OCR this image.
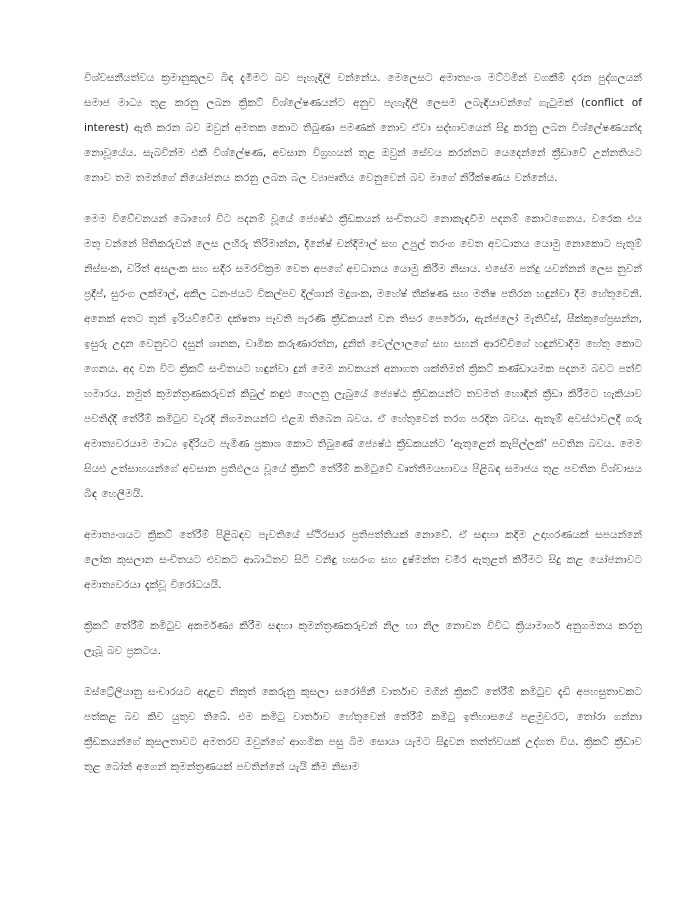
විශ්වසනීයත්වය ක්‍රමානුකූලව බිඳ දැමීමට බව පැහැදිලි වන්නේය. මෙලෙසට අමාත්‍යංශ මට්ටමින් වගකීම් දරන පුද්ගලයන් සමාජ මාධ්‍ය තුළ කරනු ලබන ක්‍රිකට් විශ්ලේෂණයන්ට අනුව පැහැදිලි ලෙසම ලබැඳියාවන්ගේ ගැටුමක් (conflict of interest) ඇති කරන බව ඔවුන් අමතක කොට තිබුණා පමණක් නොව ඒවා සද්භාවයෙන් සිදු කරනු ලබන විශ්ලේෂණයන්ද නොවූයේය. සැබවින්ම එකී විශ්ලේෂණ, අවසාන විග්‍රහයන් තුළ ඔවුන් සේවය කරන්නට යෙදෙන්නේ ක්‍රීඩාවේ උන්නතියට නොව තම තමන්ගේ නියෝජනය කරනු ලබන බල ව්‍යාපෘතිය වෙනුවෙන් බව මාගේ නිරීක්ෂණය වන්නේය.

මෙම විවේචනයන් බොහෝ විට පදනම් වූයේ ජ්‍යෙෂ්ඨ ක්‍රීඩකයන් සංචිතයට නොකැඳවීම පදනම් කොටගෙනය. වරෙක එය මතු වන්නේ පිතිකරුවන් ලෙස ලහිරු තිරිමාන්න, දිනේෂ් චන්දිමාල් සහ උපුල් තරංග වෙත අවධානය යොමු නොකොට පැතුම් නිස්සංක, චරිත් අසලංක සහ සදීර සමරවික්‍රම වෙත අපගේ අවධානය යොමු කිරීම නිසාය. එසේම පන්දු යවන්නන් ලෙස නුවන් ප්‍රදීප්, සුරංග ලක්මාල්, අකිල ධනංජයට විකල්පව දිල්ශාන් මදුශංක, මහේෂ් තීක්ෂණ සහ මතීෂ පතිරන හඳුන්වා දීම හේතුවෙනි. අනෙක් අතට තුන් ඉරියව්වේම දක්ෂතා පෑවති පැරණි ක්‍රීඩකයන් වන තිසර පෙරේරා, ඇන්ජලෝ මැතිව්ස්, සීක්කුගේප්‍රසන්න, ඉසුරු උදාන වෙනුවට දසුන් ශානක, චාමික කරුණාරත්න, දුනිත් වෙල්ලාලගේ සහ සහන් ආරච්චිගේ හඳුන්වාදීම හේතු කොට ගෙනය. අද වන විට ක්‍රිකට් සංචිතයට හඳුන්වා දුන් මෙම නවකයන් අනාගත ශක්තිමත් ක්‍රිකට් කණ්ඩායමක පදනම බවට පත්වී හමාරය. නමුත් කුමන්ත්‍රණකරුවන් කිබුල් කඳුළු හෙලනු ලැබුයේ ජ්‍යෙෂ්ඨ ක්‍රීඩකයන්ට තවමත් හොඳින් ක්‍රීඩා කිරීමට හැකියාව පවතිද්දී තේරීම් කමිටුව වැරදි නිගමනයන්ට එළඹ තිබෙන බවය. ඒ හේතුවෙන් තරග පරදින බවය. ඇතැම් අවස්ථාවලදී ගරු අමාත්‍යවරයාම මාධ්‍ය ඉදිරියට පැමිණ ප්‍රකාශ කොට තිබුණේ ජ්‍යෙෂ්ඨ ක්‍රීඩකයන්ට ‘ඇතුළෙන් කැපිල්ලක්’ පවතින බවය. මෙම සියළු උත්සාහයන්ගේ අවසාන ප්‍රතිඵලය වූයේ ක්‍රිකට් තේරීම් කමිටුවේ වෘත්තීමයභාවය පිළිබඳ සමාජය තුළ පවතින විශ්වාසය බිඳ හෙලීමයි.

අමාත්‍යංශයට ක්‍රිකට් තේරීම් පිළිබඳව පැවතියේ ස්ථිරසාර ප්‍රතිපත්තියක් නොවේ. ඒ සඳහා කදිම උදාහරණයක් සපයන්නේ ලෝක කුසලාන සංචිතයට එවකට ආබාධිතව සිටි වනිඳු හසරංග සහ දුෂ්මන්ත චමීර ඇතුළත් කිරීමට සිදු කළ යෝජනාවට අමාත්‍යවරයා දැක්වූ විරෝධයයි.

ක්‍රිකට් තේරීම් කමිටුව අකර්මණ්‍ය කිරීම සඳහා කුමන්ත්‍රණකරුවන් නිල හා නිල නොවන විවිධ ක්‍රියාමාර්ග අනුගමනය කරනු ලැබූ බව ප්‍රකටය.

ඔස්ට්‍රේලියානු සංචාරයට අදාළව නිකුත් කෙරුනු කුසලා සරෝජිනී වාර්තාව මගින් ක්‍රිකට් තේරීම් කමිටුව දැඩි අපහසුතාවකට පත්කළ බව කිව යුතුව තිබේ. එම කමිටු වාර්තාව හේතුවෙන් තේරීම් කමිටු ඉතිහාසයේ පළමුවරට, තෝරා ගන්නා ක්‍රීඩකයන්ගේ කුසලතාවට අමතරව ඔවුන්ගේ ආගමික පසු බිම සොයා යැමට සිදුවන තත්ත්වයක් උද්ගත විය. ක්‍රිකට් ක්‍රීඩාව තුළ බෝන් අගෙන් කුමන්ත්‍රණයක් පවතින්නේ යැයි කීම නිසාම
